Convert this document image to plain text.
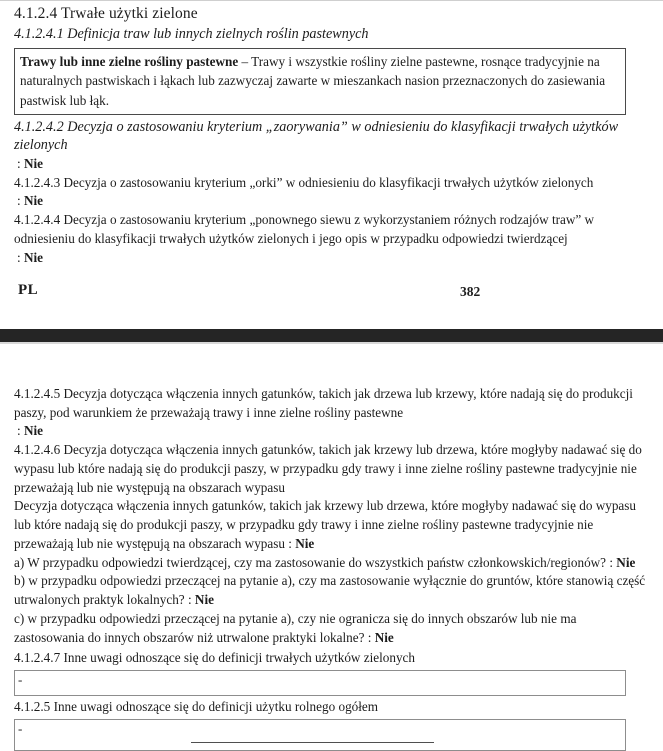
4.1.2.4 Trwałe użytki zielone
4.1.2.4.1 Definicja traw lub innych zielnych roślin pastewnych

Trawy lub inne zielne rośliny pastewne – Trawy i wszystkie rośliny zielne pastewne, rosnące tradycyjnie na naturalnych pastwiskach i łąkach lub zazwyczaj zawarte w mieszankach nasion przeznaczonych do zasiewania pastwisk lub łąk.

4.1.2.4.2 Decyzja o zastosowaniu kryterium „zaorywania” w odniesieniu do klasyfikacji trwałych użytków zielonych

: Nie

4.1.2.4.3 Decyzja o zastosowaniu kryterium „orki” w odniesieniu do klasyfikacji trwałych użytków zielonych

: Nie

4.1.2.4.4 Decyzja o zastosowaniu kryterium „ponownego siewu z wykorzystaniem różnych rodzajów traw” w odniesieniu do klasyfikacji trwałych użytków zielonych i jego opis w przypadku odpowiedzi twierdzącej

: Nie

PL	382

4.1.2.4.5 Decyzja dotycząca włączenia innych gatunków, takich jak drzewa lub krzewy, które nadają się do produkcji paszy, pod warunkiem że przeważają trawy i inne zielne rośliny pastewne

: Nie

4.1.2.4.6 Decyzja dotycząca włączenia innych gatunków, takich jak krzewy lub drzewa, które mogłyby nadawać się do wypasu lub które nadają się do produkcji paszy, w przypadku gdy trawy i inne zielne rośliny pastewne tradycyjnie nie przeważają lub nie występują na obszarach wypasu

Decyzja dotycząca włączenia innych gatunków, takich jak krzewy lub drzewa, które mogłyby nadawać się do wypasu lub które nadają się do produkcji paszy, w przypadku gdy trawy i inne zielne rośliny pastewne tradycyjnie nie przeważają lub nie występują na obszarach wypasu : Nie

a) W przypadku odpowiedzi twierdzącej, czy ma zastosowanie do wszystkich państw członkowskich/regionów? : Nie

b) w przypadku odpowiedzi przeczącej na pytanie a), czy ma zastosowanie wyłącznie do gruntów, które stanowią część utrwalonych praktyk lokalnych? : Nie

c) w przypadku odpowiedzi przeczącej na pytanie a), czy nie ogranicza się do innych obszarów lub nie ma zastosowania do innych obszarów niż utrwalone praktyki lokalne? : Nie

4.1.2.4.7 Inne uwagi odnoszące się do definicji trwałych użytków zielonych

-

4.1.2.5 Inne uwagi odnoszące się do definicji użytku rolnego ogółem

-
